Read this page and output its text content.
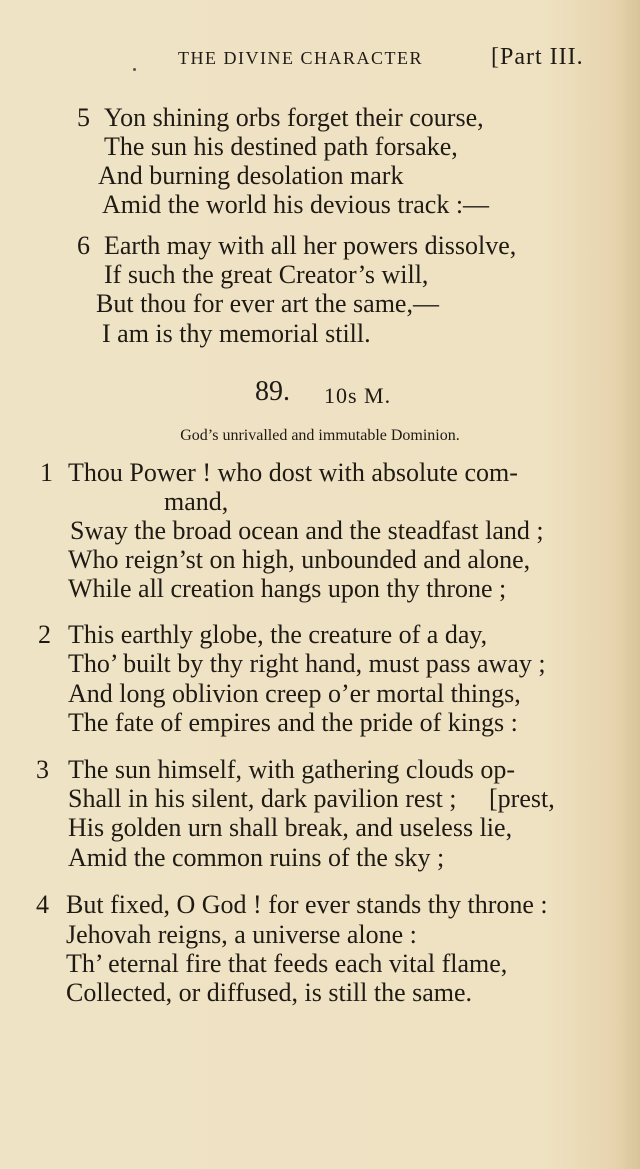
THE DIVINE CHARACTER	[Part III.
5 Yon shining orbs forget their course,
The sun his destined path forsake,
And burning desolation mark
Amid the world his devious track :—
6 Earth may with all her powers dissolve,
If such the great Creator’s will,
But thou for ever art the same,—
I am is thy memorial still.
89. 10s M.
God’s unrivalled and immutable Dominion.
1 Thou Power ! who dost with absolute com-
mand,
Sway the broad ocean and the steadfast land ;
Who reign’st on high, unbounded and alone,
While all creation hangs upon thy throne ;
2 This earthly globe, the creature of a day,
Tho’ built by thy right hand, must pass away ;
And long oblivion creep o’er mortal things,
The fate of empires and the pride of kings :
3 The sun himself, with gathering clouds op-
Shall in his silent, dark pavilion rest ;     [prest,
His golden urn shall break, and useless lie,
Amid the common ruins of the sky ;
4 But fixed, O God ! for ever stands thy throne :
Jehovah reigns, a universe alone :
Th’ eternal fire that feeds each vital flame,
Collected, or diffused, is still the same.
